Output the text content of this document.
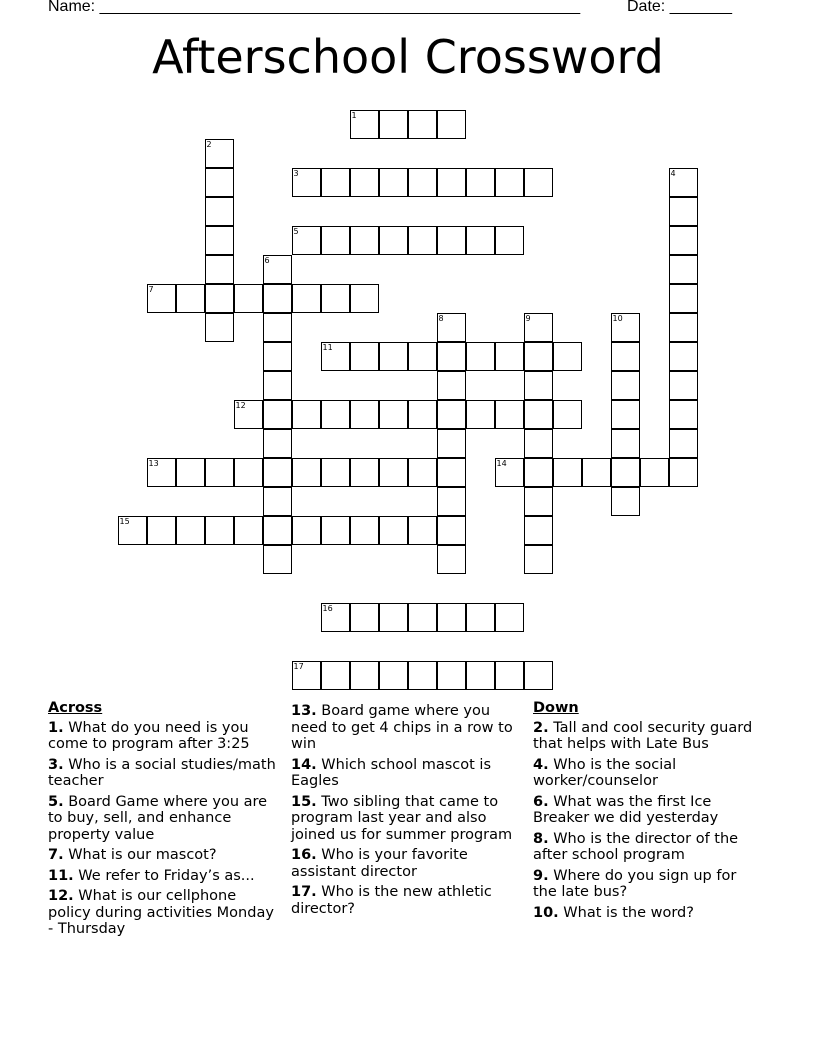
Name: ______________________________________________________	Date: _______
Afterschool Crossword
1
2
3	4
5
6
7
8	9	10
11
12
13	14
15
16
17
Across
1. What do you need is you come to program after 3:25
3. Who is a social studies/math teacher
5. Board Game where you are to buy, sell, and enhance property value
7. What is our mascot?
11. We refer to Friday’s as...
12. What is our cellphone policy during activities Monday - Thursday
13. Board game where you need to get 4 chips in a row to win
14. Which school mascot is Eagles
15. Two sibling that came to program last year and also joined us for summer program
16. Who is your favorite assistant director
17. Who is the new athletic director?
Down
2. Tall and cool security guard that helps with Late Bus
4. Who is the social worker/counselor
6. What was the first Ice Breaker we did yesterday
8. Who is the director of the after school program
9. Where do you sign up for the late bus?
10. What is the word?
